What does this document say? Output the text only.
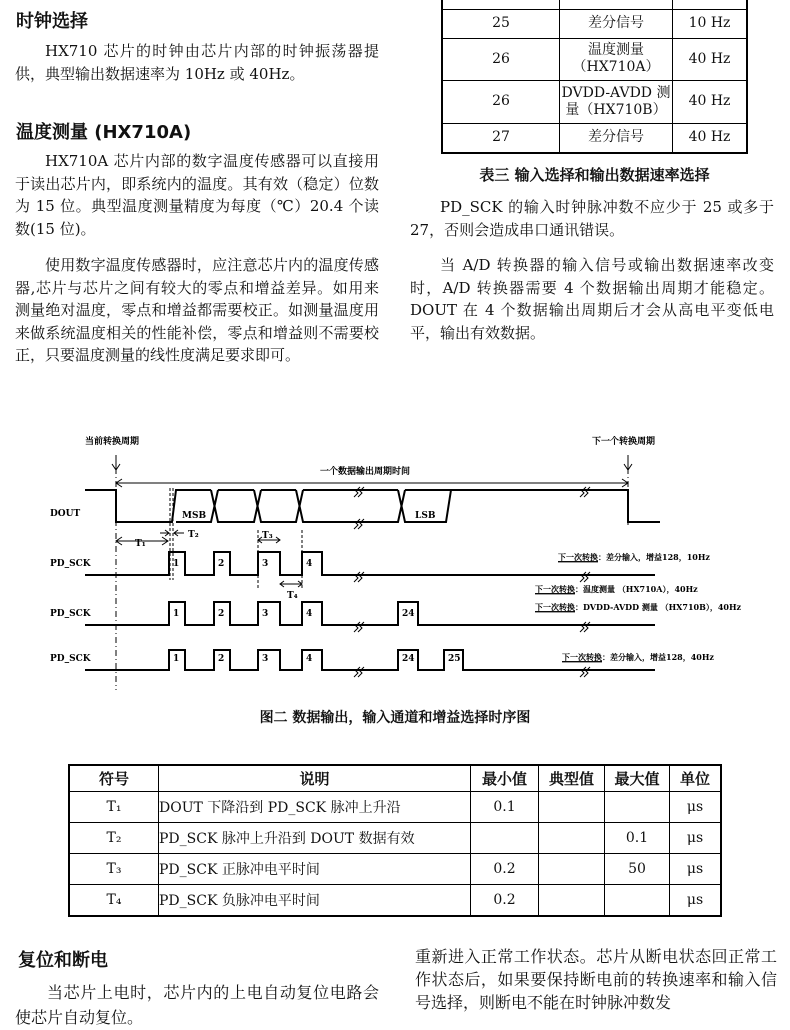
时钟选择

HX710 芯片的时钟由芯片内部的时钟振荡器提供，典型输出数据速率为 10Hz 或 40Hz。

温度测量 (HX710A)

HX710A 芯片内部的数字温度传感器可以直接用于读出芯片内，即系统内的温度。其有效（稳定）位数为 15 位。典型温度测量精度为每度（℃）20.4 个读数(15 位)。

使用数字温度传感器时，应注意芯片内的温度传感器,芯片与芯片之间有较大的零点和增益差异。如用来测量绝对温度，零点和增益都需要校正。如测量温度用来做系统温度相关的性能补偿，零点和增益则不需要校正，只要温度测量的线性度满足要求即可。

25	差分信号	10 Hz
26	温度测量（HX710A）	40 Hz
26	DVDD-AVDD 测量（HX710B）	40 Hz
27	差分信号	40 Hz
表三 输入选择和输出数据速率选择

PD_SCK 的输入时钟脉冲数不应少于 25 或多于 27，否则会造成串口通讯错误。

当 A/D 转换器的输入信号或输出数据速率改变时，A/D 转换器需要 4 个数据输出周期才能稳定。DOUT 在 4 个数据输出周期后才会从高电平变低电平，输出有效数据。

当前转换周期	下一个转换周期
一个数据输出周期时间
DOUT	MSB	LSB
T₁
T₂	T₃
T₄
PD_SCK	1	2	3	4
下一次转换：差分输入，增益128，10Hz
PD_SCK	1	2	3	4	24
下一次转换：温度测量 （HX710A），40Hz
下一次转换：DVDD-AVDD 测量 （HX710B），40Hz
PD_SCK	1	2	3	4	24	25	下一次转换：差分输入，增益128，40Hz
图二 数据输出，输入通道和增益选择时序图
符号	说明	最小值	典型值	最大值	单位
T₁	DOUT 下降沿到 PD_SCK 脉冲上升沿	0.1			μs
T₂	PD_SCK 脉冲上升沿到 DOUT 数据有效			0.1	μs
T₃	PD_SCK 正脉冲电平时间	0.2		50	μs
T₄	PD_SCK 负脉冲电平时间	0.2			μs
复位和断电

当芯片上电时，芯片内的上电自动复位电路会使芯片自动复位。

重新进入正常工作状态。芯片从断电状态回正常工作状态后，如果要保持断电前的转换速率和输入信号选择，则断电不能在时钟脉冲数发
